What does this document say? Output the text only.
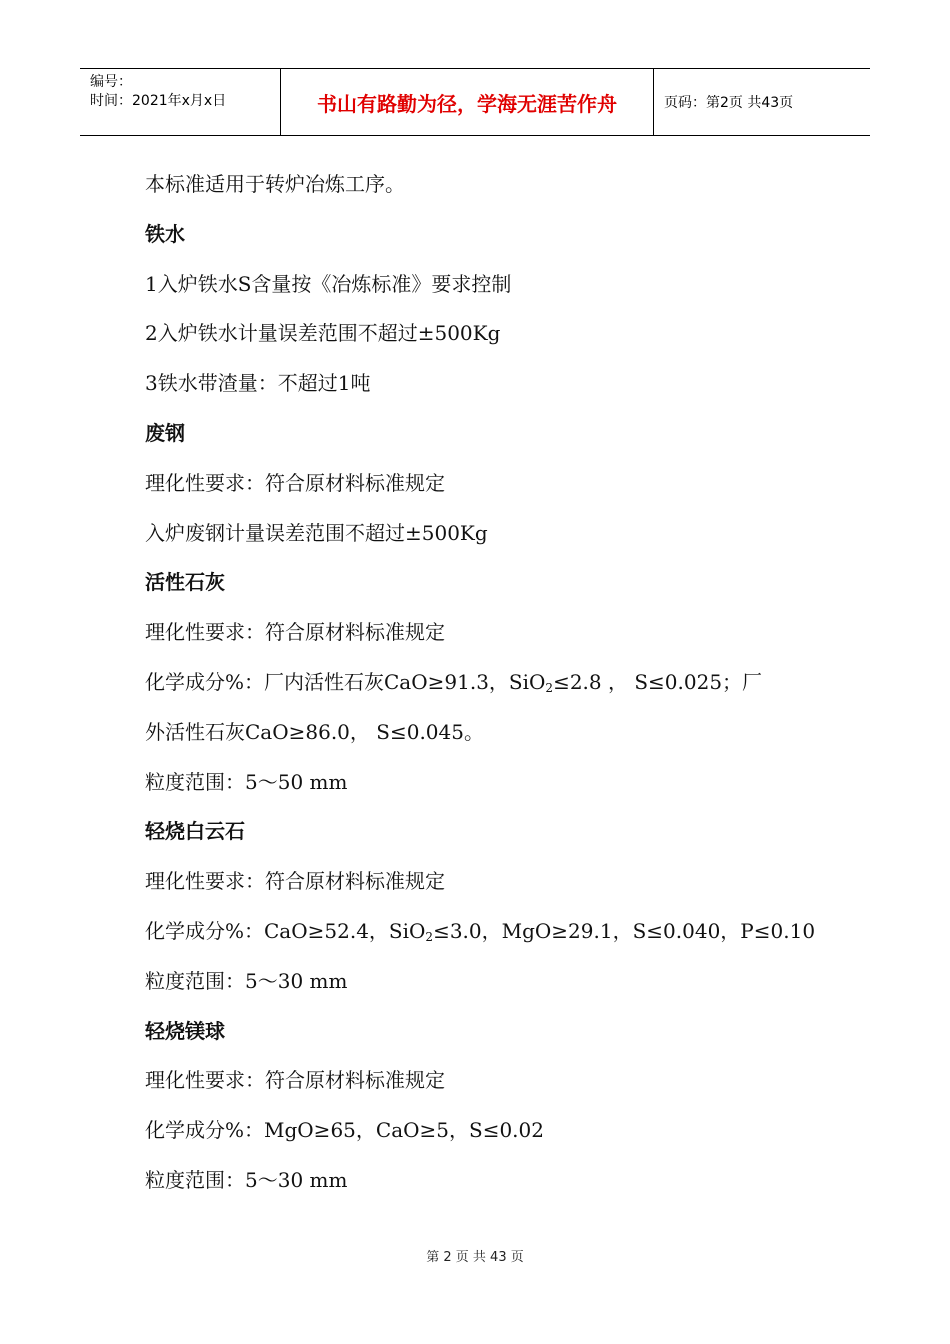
编号：
时间：2021年x月x日	书山有路勤为径，学海无涯苦作舟	页码：第2页 共43页
本标准适用于转炉冶炼工序。
铁水
1入炉铁水S含量按《冶炼标准》要求控制
2入炉铁水计量误差范围不超过±500Kg
3铁水带渣量：不超过1吨
废钢
理化性要求：符合原材料标准规定
入炉废钢计量误差范围不超过±500Kg
活性石灰
理化性要求：符合原材料标准规定
化学成分%：厂内活性石灰CaO≥91.3，SiO$_2$≤2.8 ， S≤0.025；厂
外活性石灰CaO≥86.0， S≤0.045。
粒度范围：5～50 mm
轻烧白云石
理化性要求：符合原材料标准规定
化学成分%：CaO≥52.4，SiO$_2$≤3.0，MgO≥29.1，S≤0.040，P≤0.10
粒度范围：5～30 mm
轻烧镁球
理化性要求：符合原材料标准规定
化学成分%：MgO≥65，CaO≥5，S≤0.02
粒度范围：5～30 mm
第 2 页 共 43 页
